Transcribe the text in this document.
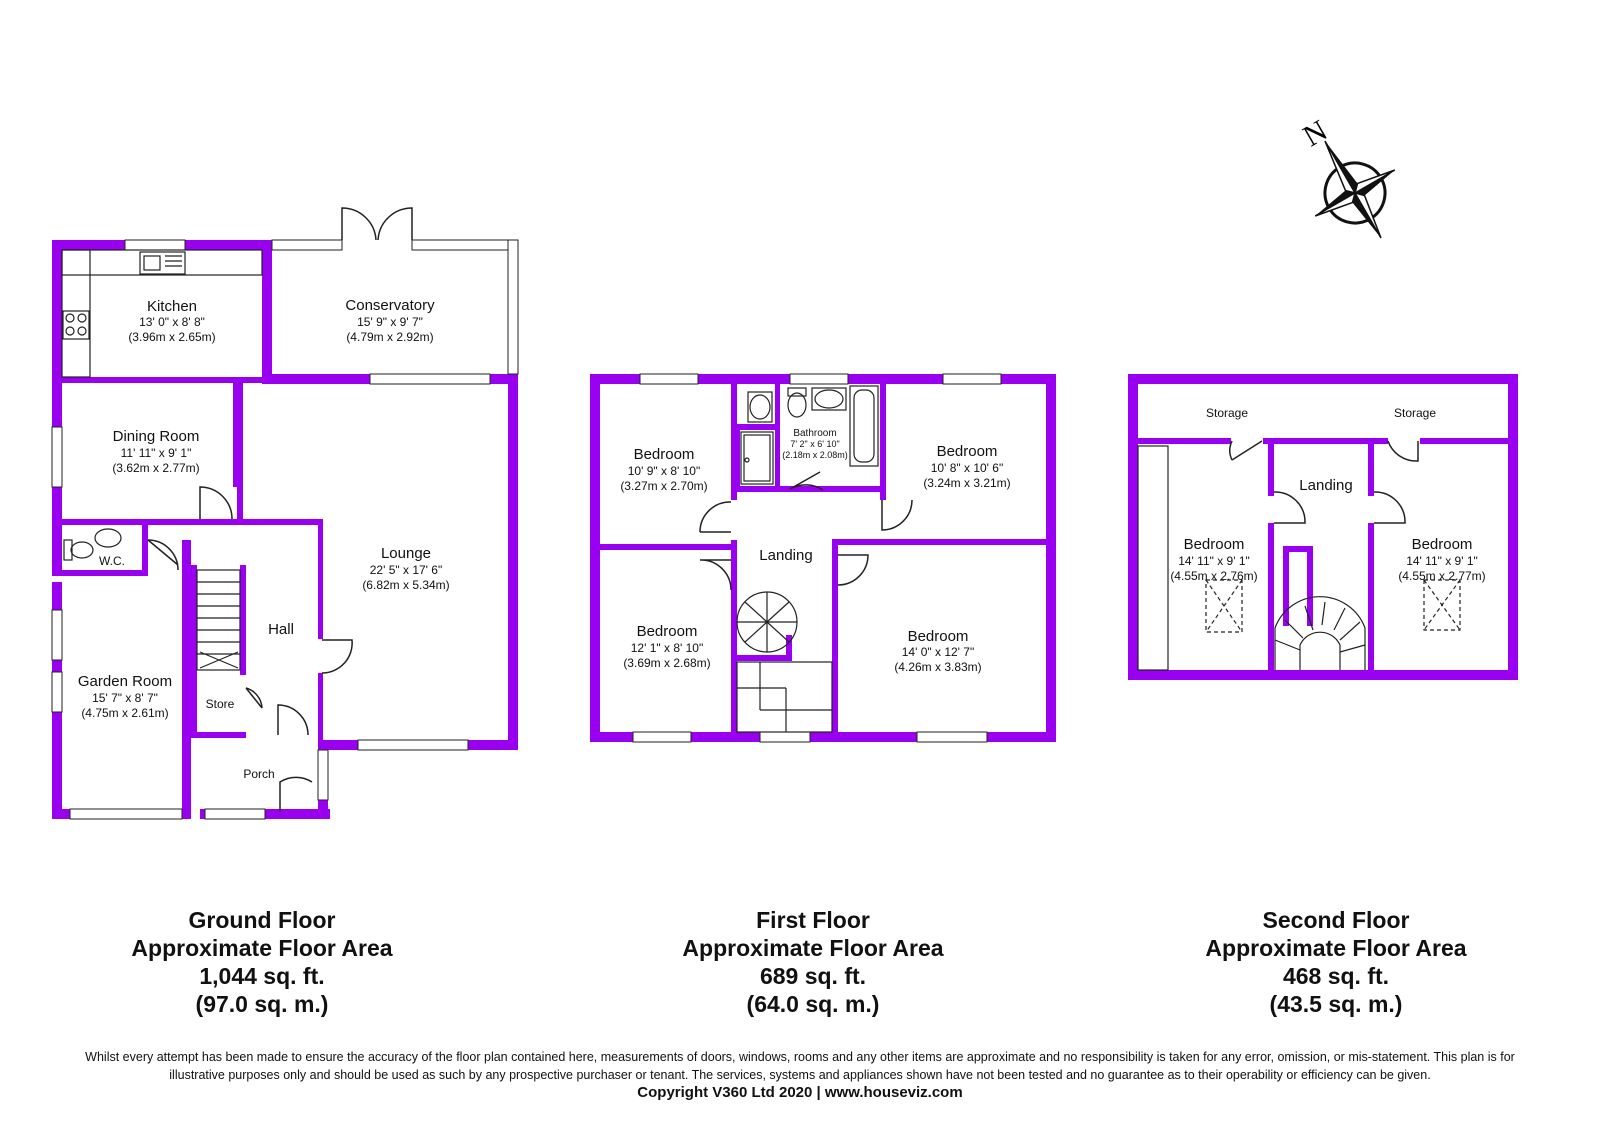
N
Kitchen
13' 0" x 8' 8"
(3.96m x 2.65m)
Conservatory
15' 9" x 9' 7"
(4.79m x 2.92m)
Dining Room
11' 11" x 9' 1"
(3.62m x 2.77m)
W.C.	Lounge
22' 5" x 17' 6"
(6.82m x 5.34m)
Hall
Garden Room
15' 7" x 8' 7"
(4.75m x 2.61m)
Store
Porch
Bedroom
10' 9" x 8' 10"
(3.27m x 2.70m)
Bathroom
7' 2" x 6' 10"
(2.18m x 2.08m)	Bedroom
10' 8" x 10' 6"
(3.24m x 3.21m)
Landing
Bedroom
12' 1" x 8' 10"
(3.69m x 2.68m)
Bedroom
14' 0" x 12' 7"
(4.26m x 3.83m)
Storage	Storage
Landing
Bedroom
14' 11" x 9' 1"
(4.55m x 2.76m)
Bedroom
14' 11" x 9' 1"
(4.55m x 2.77m)
Ground Floor
Approximate Floor Area
1,044 sq. ft.
(97.0 sq. m.)
First Floor
Approximate Floor Area
689 sq. ft.
(64.0 sq. m.)
Second Floor
Approximate Floor Area
468 sq. ft.
(43.5 sq. m.)
Whilst every attempt has been made to ensure the accuracy of the floor plan contained here, measurements of doors, windows, rooms and any other items are approximate and no responsibility is taken for any error, omission, or mis-statement. This plan is for
illustrative purposes only and should be used as such by any prospective purchaser or tenant. The services, systems and appliances shown have not been tested and no guarantee as to their operability or efficiency can be given.
Copyright V360 Ltd 2020 | www.houseviz.com
